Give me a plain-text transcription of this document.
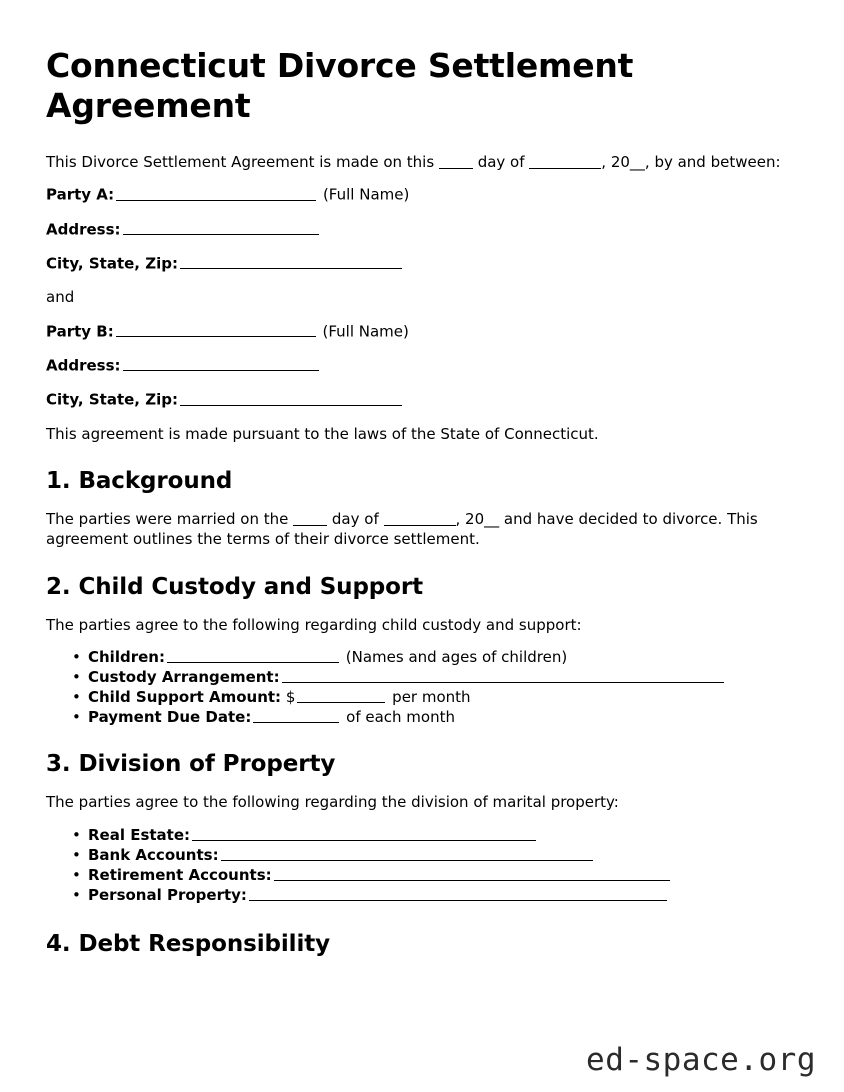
Connecticut Divorce Settlement Agreement

This Divorce Settlement Agreement is made on this  day of	, 20__, by and between:

Party A:	(Full Name)

Address:

City, State, Zip:

and

Party B:	(Full Name)

Address:

City, State, Zip:

This agreement is made pursuant to the laws of the State of Connecticut.

1. Background

The parties were married on the  day of	, 20__ and have decided to divorce. This agreement outlines the terms of their divorce settlement.

2. Child Custody and Support

The parties agree to the following regarding child custody and support:

• Children:	(Names and ages of children)
• Custody Arrangement:
• Child Support Amount: $	per month
• Payment Due Date:	of each month
3. Division of Property

The parties agree to the following regarding the division of marital property:

• Real Estate:
• Bank Accounts:
• Retirement Accounts:
• Personal Property:
4. Debt Responsibility
ed-space.org
